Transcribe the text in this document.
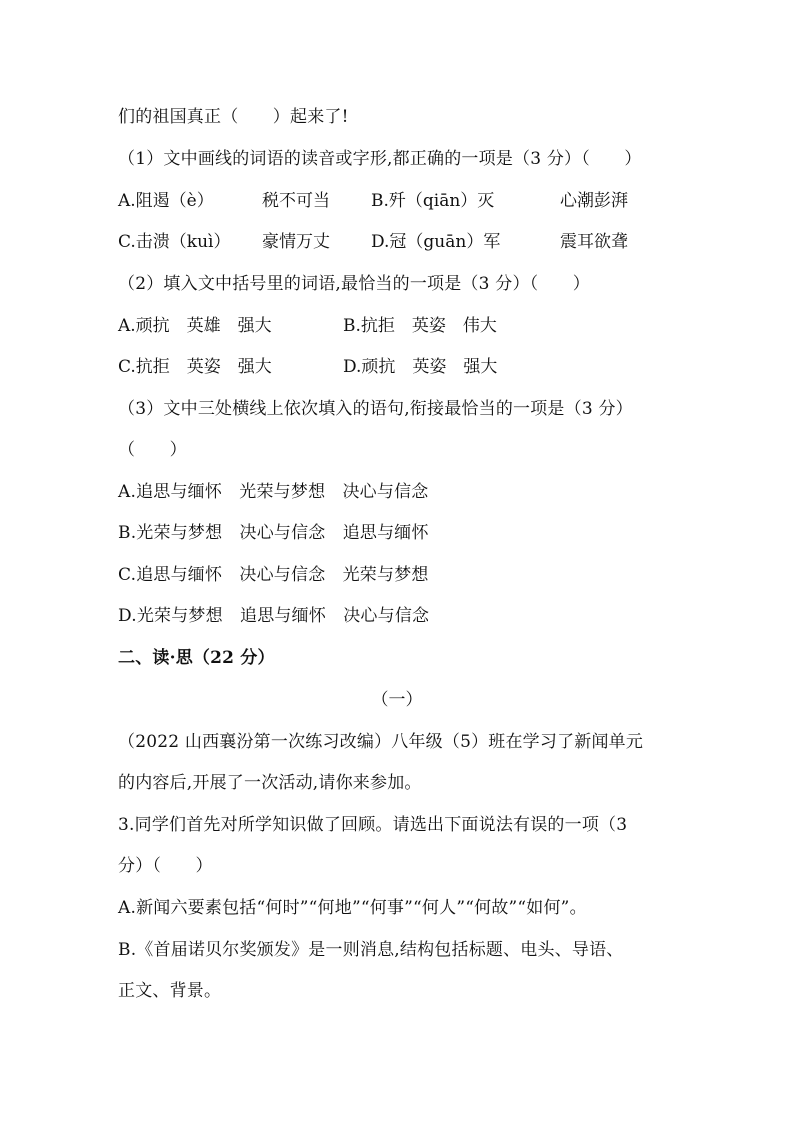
们的祖国真正（　　）起来了!
（1）文中画线的词语的读音或字形,都正确的一项是（3 分）（　　）
A.阻遏（è）	税不可当 B.歼（qiān）灭	心潮彭湃
C.击溃（kuì） 豪情万丈 D.冠（guān）军	震耳欲聋
（2）填入文中括号里的词语,最恰当的一项是（3 分）（　　）
A.顽抗　英雄　强大	B.抗拒　英姿　伟大
C.抗拒　英姿　强大	D.顽抗　英姿　强大
（3）文中三处横线上依次填入的语句,衔接最恰当的一项是（3 分）
（　　）
A.追思与缅怀　光荣与梦想　决心与信念
B.光荣与梦想　决心与信念　追思与缅怀
C.追思与缅怀　决心与信念　光荣与梦想
D.光荣与梦想　追思与缅怀　决心与信念
二、读·思（22 分）
（一）
（2022 山西襄汾第一次练习改编）八年级（5）班在学习了新闻单元
的内容后,开展了一次活动,请你来参加。
3.同学们首先对所学知识做了回顾。请选出下面说法有误的一项（3
分）（　　）
A.新闻六要素包括“何时”“何地”“何事”“何人”“何故”“如何”。
B.《首届诺贝尔奖颁发》是一则消息,结构包括标题、电头、导语、
正文、背景。
